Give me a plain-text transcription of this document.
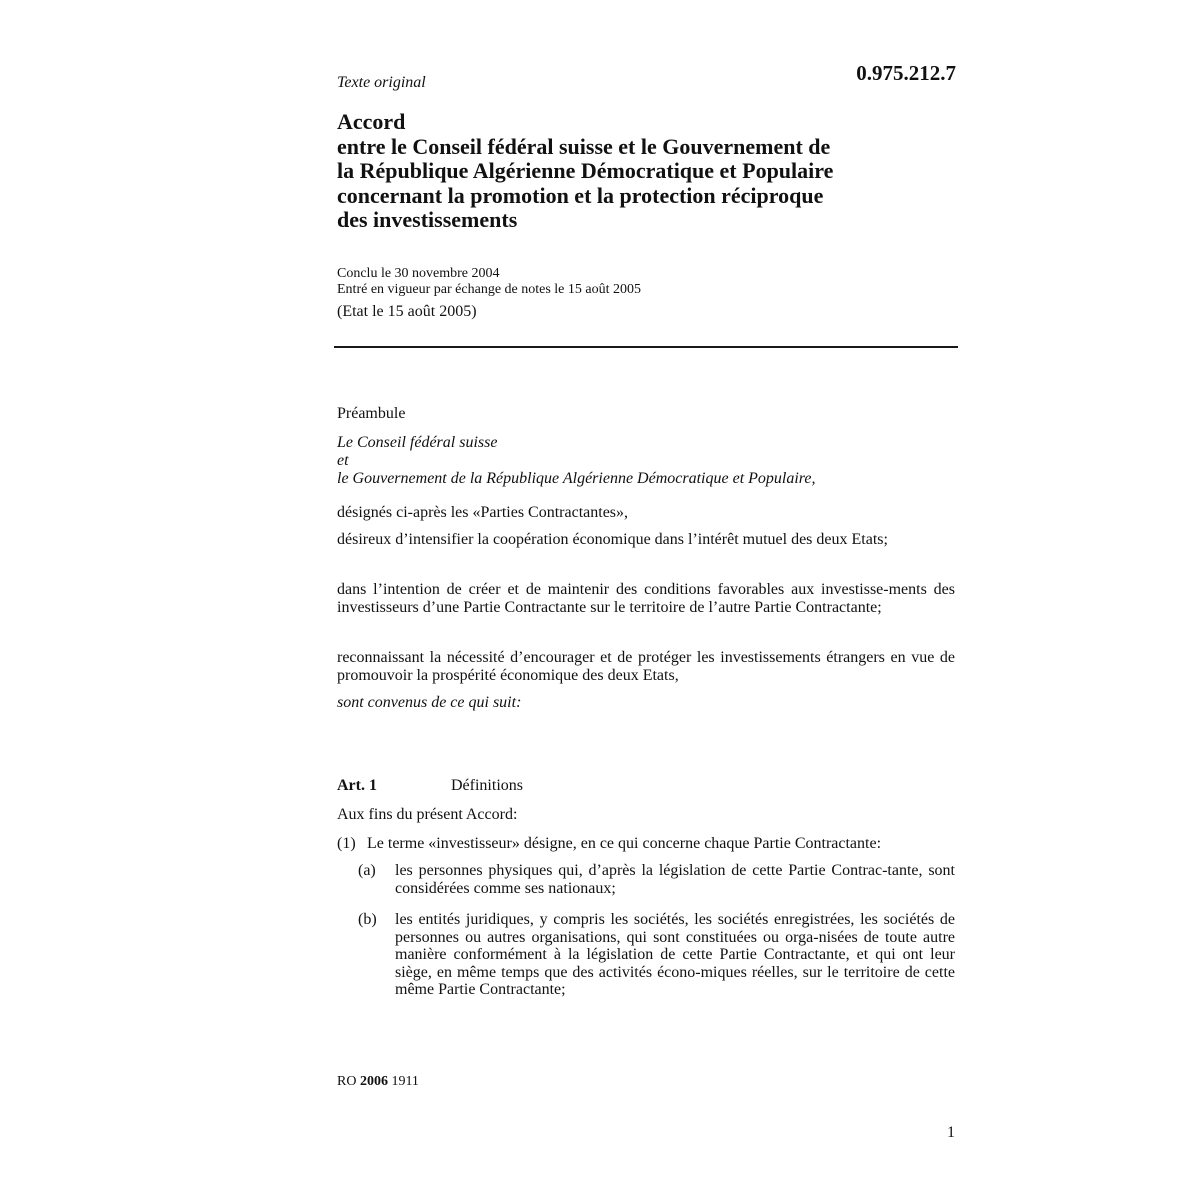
0.975.212.7
Texte original
Accord
entre le Conseil fédéral suisse et le Gouvernement de
la République Algérienne Démocratique et Populaire
concernant la promotion et la protection réciproque
des investissements
Conclu le 30 novembre 2004
Entré en vigueur par échange de notes le 15 août 2005
(Etat le 15 août 2005)
Préambule
Le Conseil fédéral suisse
et
le Gouvernement de la République Algérienne Démocratique et Populaire,

désignés ci-après les «Parties Contractantes»,

désireux d’intensifier la coopération économique dans l’intérêt mutuel des deux Etats;

dans l’intention de créer et de maintenir des conditions favorables aux investisse-ments des investisseurs d’une Partie Contractante sur le territoire de l’autre Partie Contractante;

reconnaissant la nécessité d’encourager et de protéger les investissements étrangers en vue de promouvoir la prospérité économique des deux Etats,

sont convenus de ce qui suit:

Art. 1	Définitions
Aux fins du présent Accord:
(1) Le terme «investisseur» désigne, en ce qui concerne chaque Partie Contractante:
(a) les personnes physiques qui, d’après la législation de cette Partie Contrac-tante, sont considérées comme ses nationaux;
(b) les entités juridiques, y compris les sociétés, les sociétés enregistrées, les sociétés de personnes ou autres organisations, qui sont constituées ou orga-nisées de toute autre manière conformément à la législation de cette Partie Contractante, et qui ont leur siège, en même temps que des activités écono-miques réelles, sur le territoire de cette même Partie Contractante;
RO 2006 1911
1
